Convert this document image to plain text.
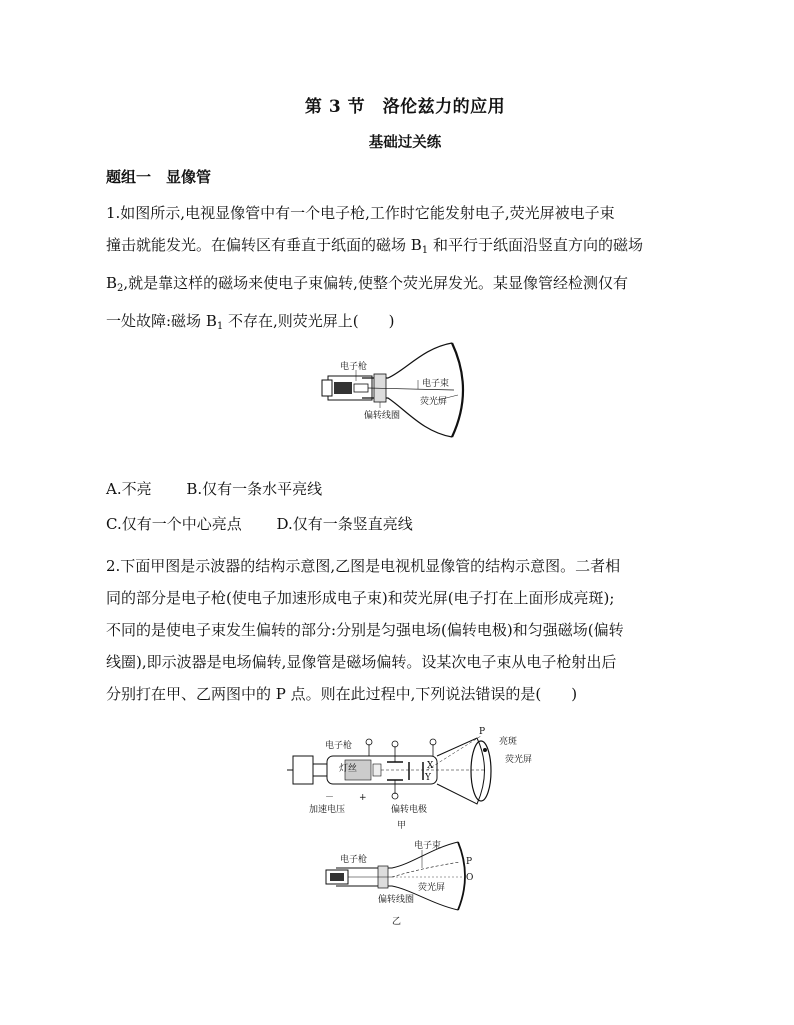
第 3 节　洛伦兹力的应用
基础过关练
题组一　显像管
1.如图所示,电视显像管中有一个电子枪,工作时它能发射电子,荧光屏被电子束
撞击就能发光。在偏转区有垂直于纸面的磁场 $B_1$ 和平行于纸面沿竖直方向的磁场
$B_2$,就是靠这样的磁场来使电子束偏转,使整个荧光屏发光。某显像管经检测仅有
一处故障:磁场 $B_1$ 不存在,则荧光屏上(　　)
电子枪
电子束
荧光屏
偏转线圈
A.不亮 B.仅有一条水平亮线
C.仅有一个中心亮点 D.仅有一条竖直亮线
2.下面甲图是示波器的结构示意图,乙图是电视机显像管的结构示意图。二者相
同的部分是电子枪(使电子加速形成电子束)和荧光屏(电子打在上面形成亮斑);
不同的是使电子束发生偏转的部分:分别是匀强电场(偏转电极)和匀强磁场(偏转
线圈),即示波器是电场偏转,显像管是磁场偏转。设某次电子束从电子枪射出后
分别打在甲、乙两图中的 P 点。则在此过程中,下列说法错误的是(　　)
电子枪
灯丝
亮斑
荧光屏
加速电压	偏转电极
P
X
Y
－	+
甲
电子枪
电子束
荧光屏
偏转线圈
P
O
乙
